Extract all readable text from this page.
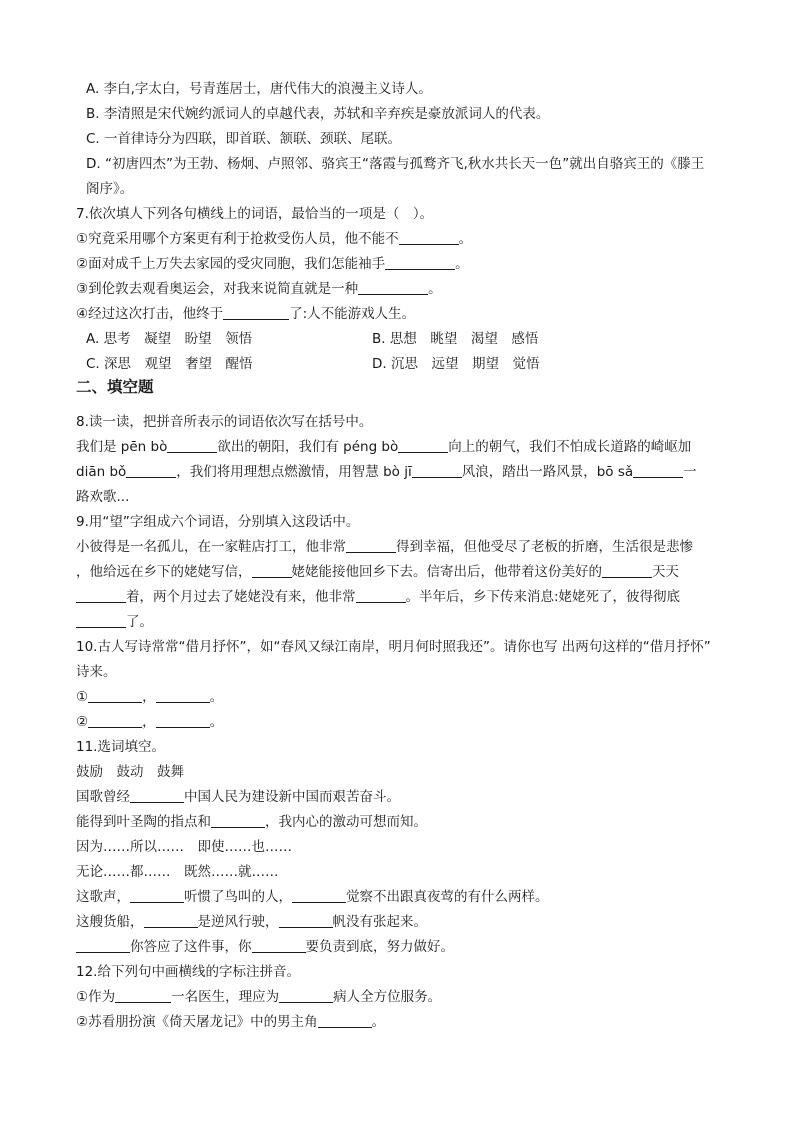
A. 李白,字太白，号青莲居士，唐代伟大的浪漫主义诗人。
B. 李清照是宋代婉约派词人的卓越代表，苏轼和辛弃疾是豪放派词人的代表。
C. 一首律诗分为四联，即首联、颔联、颈联、尾联。
D. “初唐四杰”为王勃、杨炯、卢照邻、骆宾王“落霞与孤鹜齐飞,秋水共长天一色”就出自骆宾王的《滕王
阁序》。
7.依次填人下列各句横线上的词语，最恰当的一项是（　）。
①究竟采用哪个方案更有利于抢救受伤人员，他不能不	。
②面对成千上万失去家园的受灾同胞，我们怎能袖手	。
③到伦敦去观看奥运会，对我来说简直就是一种	。
④经过这次打击，他终于	了:人不能游戏人生。
A. 思考　凝望　盼望　领悟	B. 思想　眺望　渴望　感悟
C. 深思　观望　奢望　醒悟	D. 沉思　远望　期望　觉悟
二、填空题
8.读一读，把拼音所表示的词语依次写在括号中。
我们是 pēn bò	欲出的朝阳，我们有 péng bò	向上的朝气，我们不怕成长道路的崎岖加
diān bǒ	，我们将用理想点燃激情，用智慧 bò jī	风浪，踏出一路风景，bō sǎ	一
路欢歌...
9.用“望”字组成六个词语，分别填入这段话中。
小彼得是一名孤儿，在一家鞋店打工，他非常	得到幸福，但他受尽了老板的折磨，生活很是悲惨
，他给远在乡下的姥姥写信，	姥姥能接他回乡下去。信寄出后，他带着这份美好的	天天
着，两个月过去了姥姥没有来，他非常	。半年后，乡下传来消息:姥姥死了，彼得彻底
了。
10.古人写诗常常“借月抒怀”，如“春风又绿江南岸，明月何时照我还”。请你也写 出两句这样的“借月抒怀”
诗来。
①	，	。
②	，	。
11.选词填空。
鼓励　鼓动　鼓舞
国歌曾经	中国人民为建设新中国而艰苦奋斗。
能得到叶圣陶的指点和	，我内心的激动可想而知。
因为……所以……　即使……也……
无论……都……　既然……就……
这歌声，	听惯了鸟叫的人，	觉察不出跟真夜莺的有什么两样。
这艘货船，	是逆风行驶，	帆没有张起来。
你答应了这件事，你	要负责到底，努力做好。
12.给下列句中画横线的字标注拼音。
①作为	一名医生，理应为	病人全方位服务。
②苏看朋扮演《倚天屠龙记》中的男主角	。
